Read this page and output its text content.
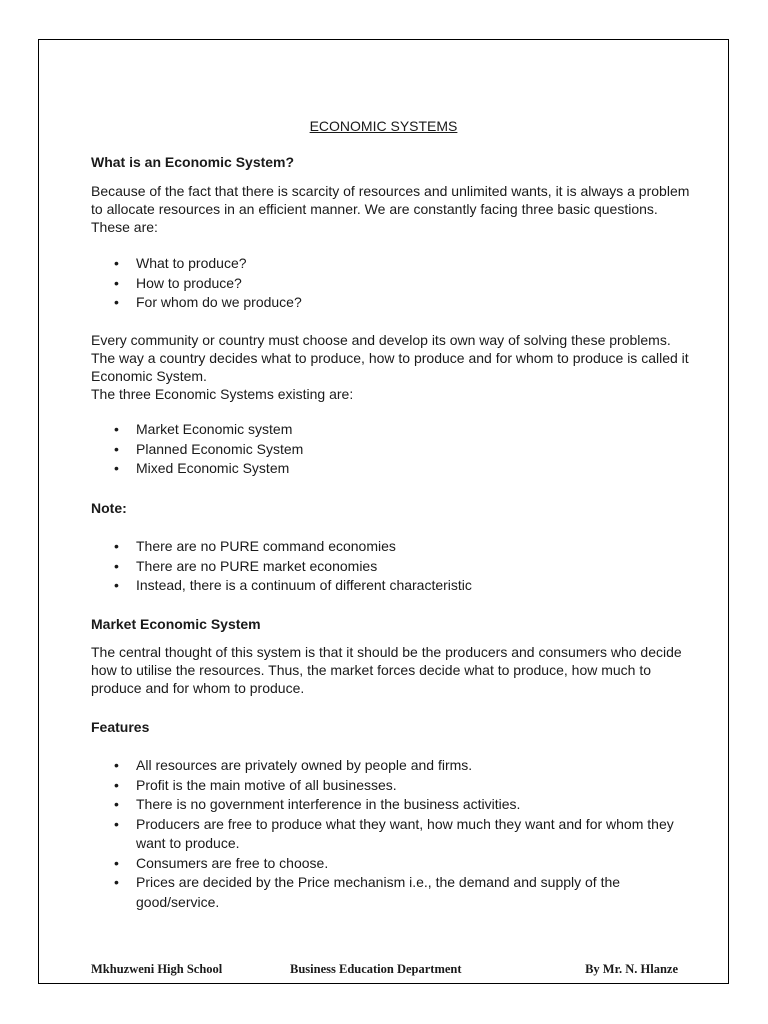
ECONOMIC SYSTEMS
What is an Economic System?

Because of the fact that there is scarcity of resources and unlimited wants, it is always a problem to allocate resources in an efficient manner. We are constantly facing three basic questions. These are:

• What to produce?
• How to produce?
• For whom do we produce?

Every community or country must choose and develop its own way of solving these problems. The way a country decides what to produce, how to produce and for whom to produce is called it Economic System.

The three Economic Systems existing are:

• Market Economic system
• Planned Economic System
• Mixed Economic System
Note:
• There are no PURE command economies
• There are no PURE market economies
• Instead, there is a continuum of different characteristic
Market Economic System

The central thought of this system is that it should be the producers and consumers who decide how to utilise the resources. Thus, the market forces decide what to produce, how much to produce and for whom to produce.

Features
• All resources are privately owned by people and firms.
• Profit is the main motive of all businesses.
• There is no government interference in the business activities.
• Producers are free to produce what they want, how much they want and for whom they want to produce.
• Consumers are free to choose.
• Prices are decided by the Price mechanism i.e., the demand and supply of the good/service.
Mkhuzweni High School	Business Education Department	By Mr. N. Hlanze
